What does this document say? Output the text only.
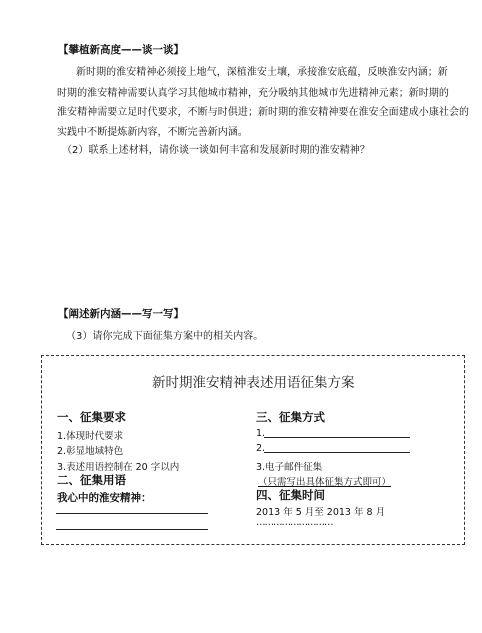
【攀植新高度——谈一谈】
新时期的淮安精神必须接上地气，深植淮安土壤，承接淮安底蕴，反映淮安内涵；新
时期的淮安精神需要认真学习其他城市精神，充分吸纳其他城市先进精神元素；新时期的
淮安精神需要立足时代要求，不断与时俱进；新时期的淮安精神要在淮安全面建成小康社会的
实践中不断提炼新内容，不断完善新内涵。
（2）联系上述材料，请你谈一谈如何丰富和发展新时期的淮安精神？
【阐述新内涵——写一写】
（3）请你完成下面征集方案中的相关内容。
新时期淮安精神表述用语征集方案
一、征集要求
1.体现时代要求
2.彰显地域特色
3.表述用语控制在 20 字以内
二、征集用语
我心中的淮安精神：
三、征集方式
1.
2.
3.电子邮件征集
（只需写出具体征集方式即可）
四、征集时间
2013 年 5 月至 2013 年 8 月
………………………
